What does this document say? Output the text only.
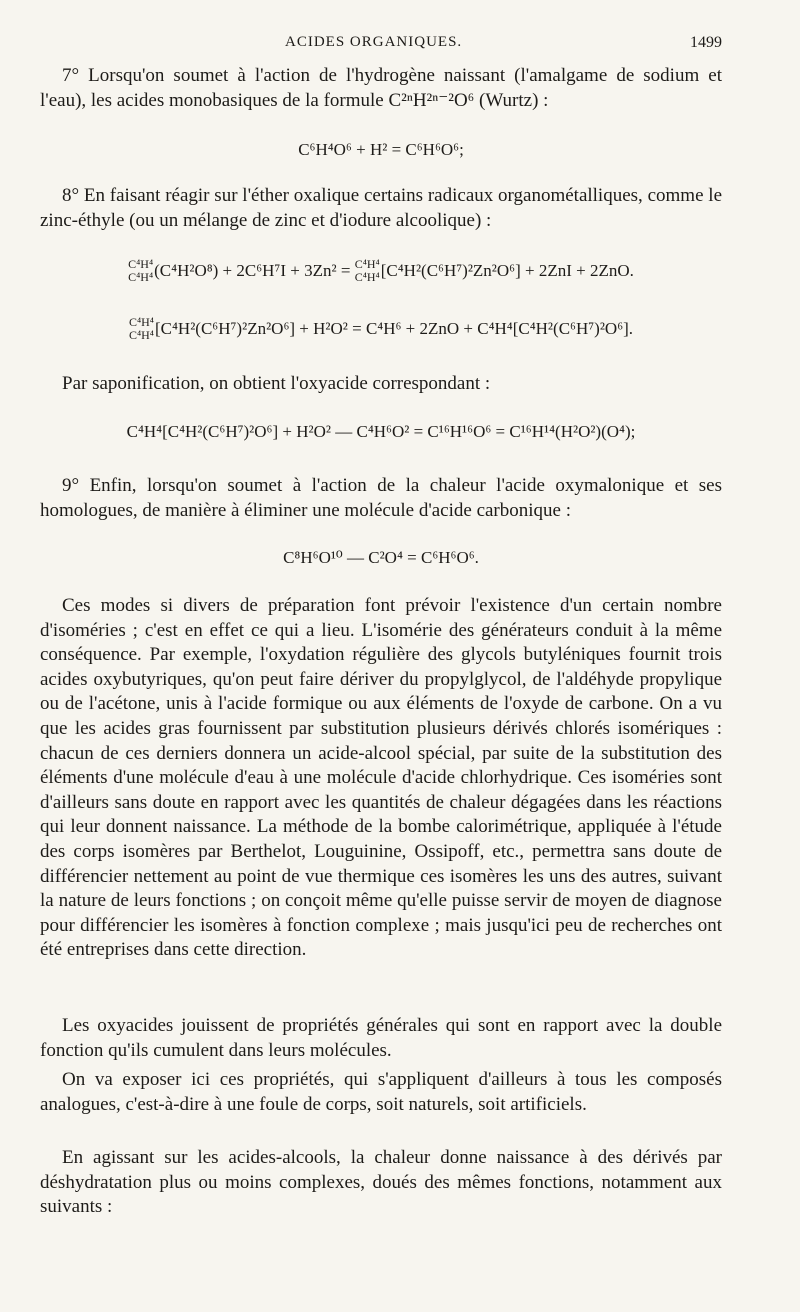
ACIDES ORGANIQUES.	1499

7° Lorsqu'on soumet à l'action de l'hydrogène naissant (l'amalgame de sodium et l'eau), les acides monobasiques de la formule C²ⁿH²ⁿ⁻²O⁶ (Wurtz) :

C⁶H⁴O⁶ + H² = C⁶H⁶O⁶;

8° En faisant réagir sur l'éther oxalique certains radicaux organométalliques, comme le zinc-éthyle (ou un mélange de zinc et d'iodure alcoolique) :

C⁴H⁴
C⁴H⁴ (C⁴H²O⁸) + 2C⁶H⁷I + 3Zn² = C⁴H⁴
C⁴H⁴ [C⁴H²(C⁶H⁷)²Zn²O⁶] + 2ZnI + 2ZnO.
C⁴H⁴
C⁴H⁴ [C⁴H²(C⁶H⁷)²Zn²O⁶] + H²O² = C⁴H⁶ + 2ZnO + C⁴H⁴[C⁴H²(C⁶H⁷)²O⁶].

Par saponification, on obtient l'oxyacide correspondant :

C⁴H⁴[C⁴H²(C⁶H⁷)²O⁶] + H²O² — C⁴H⁶O² = C¹⁶H¹⁶O⁶ = C¹⁶H¹⁴(H²O²)(O⁴);

9° Enfin, lorsqu'on soumet à l'action de la chaleur l'acide oxymalonique et ses homologues, de manière à éliminer une molécule d'acide carbonique :

C⁸H⁶O¹⁰ — C²O⁴ = C⁶H⁶O⁶.

Ces modes si divers de préparation font prévoir l'existence d'un certain nombre d'isoméries ; c'est en effet ce qui a lieu. L'isomérie des générateurs conduit à la même conséquence. Par exemple, l'oxydation régulière des glycols butyléniques fournit trois acides oxybutyriques, qu'on peut faire dériver du propylglycol, de l'aldéhyde propylique ou de l'acétone, unis à l'acide formique ou aux éléments de l'oxyde de carbone. On a vu que les acides gras fournissent par substitution plusieurs dérivés chlorés isomériques : chacun de ces derniers donnera un acide-alcool spécial, par suite de la substitution des éléments d'une molécule d'eau à une molécule d'acide chlorhydrique. Ces isoméries sont d'ailleurs sans doute en rapport avec les quantités de chaleur dégagées dans les réactions qui leur donnent naissance. La méthode de la bombe calorimétrique, appliquée à l'étude des corps isomères par Berthelot, Louguinine, Ossipoff, etc., permettra sans doute de différencier nettement au point de vue thermique ces isomères les uns des autres, suivant la nature de leurs fonctions ; on conçoit même qu'elle puisse servir de moyen de diagnose pour différencier les isomères à fonction complexe ; mais jusqu'ici peu de recherches ont été entreprises dans cette direction.

Les oxyacides jouissent de propriétés générales qui sont en rapport avec la double fonction qu'ils cumulent dans leurs molécules.

On va exposer ici ces propriétés, qui s'appliquent d'ailleurs à tous les composés analogues, c'est-à-dire à une foule de corps, soit naturels, soit artificiels.

En agissant sur les acides-alcools, la chaleur donne naissance à des dérivés par déshydratation plus ou moins complexes, doués des mêmes fonctions, notamment aux suivants :
